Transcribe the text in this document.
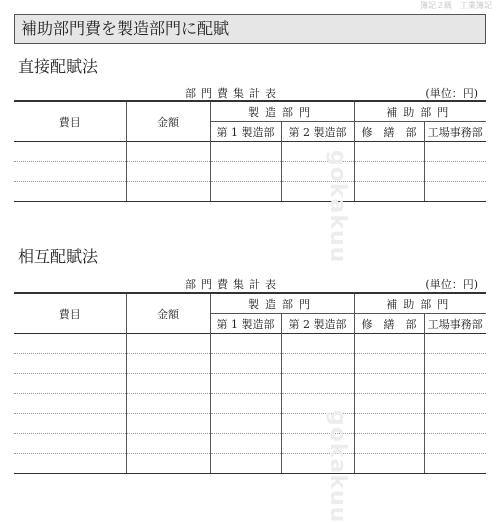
簿記２級　工業簿記
補助部門費を製造部門に配賦
直接配賦法
部門費集計表	(単位：円)
費目	金額	製造部門		補助部門	
		第 1 製造部	第 2 製造部	修　繕　部	工場事務部

相互配賦法
部門費集計表	(単位：円)
費目	金額	製造部門		補助部門	
		第 1 製造部	第 2 製造部	修　繕　部	工場事務部

gokakuu
gokakuu
